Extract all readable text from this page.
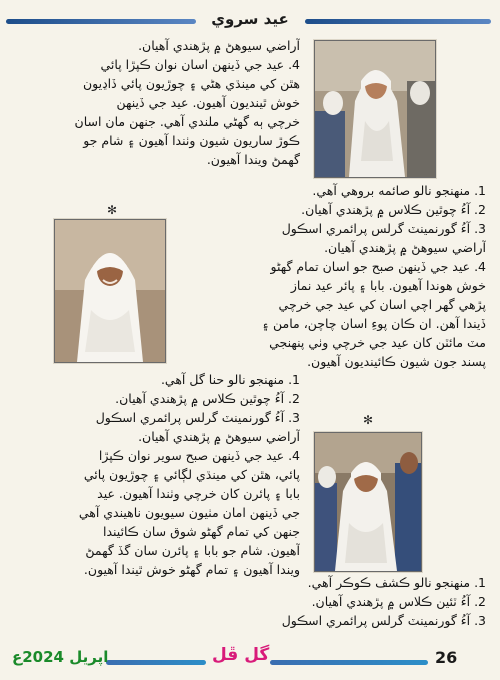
عيد سروي
آراضي سيوهڻ ۾ پڙهندي آهيان.
4. عيد جي ڏينهن اسان نوان ڪپڙا پائي
هٿن کي مينڌي هڻي ۽ چوڙيون پائي ڏاڍيون
خوش ٿينديون آهيون. عيد جي ڏينهن
خرچي ٻه گهڻي ملندي آهي. جنهن مان اسان
ڪوڙ ساريون شيون وٺندا آهيون ۽ شام جو
گهمڻ ويندا آهيون.
1. منهنجو نالو صائمه بروهي آهي.
2. آءُ چوٿين ڪلاس ۾ پڙهندي آهيان.
3. آءُ گورنمينٽ گرلس پرائمري اسڪول
آراضي سيوهڻ ۾ پڙهندي آهيان.
4. عيد جي ڏينهن صبح جو اسان تمام گهڻو
خوش هوندا آهيون. بابا ۽ پائر عيد نماز
پڙهي گهر اچي اسان کي عيد جي خرچي
ڏيندا آهن. ان ڪان پوءِ اسان چاچن، مامن ۽
مٽ مائٽن کان عيد جي خرچي وٺي پنهنجي
پسند جون شيون ڪائينديون آهيون.
✻
✻
1. منهنجو نالو حنا گل آهي.
2. آءُ چوٿين ڪلاس ۾ پڙهندي آهيان.
3. آءُ گورنمينٽ گرلس پرائمري اسڪول
آراضي سيوهڻ ۾ پڙهندي آهيان.
4. عيد جي ڏينهن صبح سوير نوان ڪپڙا
پائي، هٿن کي مينڌي لڳائي ۽ چوڙيون پائي
بابا ۽ پائرن کان خرچي وٺندا آهيون. عيد
جي ڏينهن امان مٺيون سيويون ناهيندي آهي
جنهن کي تمام گهڻو شوق سان ڪائيندا
آهيون. شام جو بابا ۽ پائرن سان گڏ گهمڻ
ويندا آهيون ۽ تمام گهڻو خوش ٿيندا آهيون.
1. منهنجو نالو ڪشف ڪوڪر آهي.
2. آءُ ٽئين ڪلاس ۾ پڙهندي آهيان.
3. آءُ گورنمينٽ گرلس پرائمري اسڪول
اپريل 2024ع	گل ڦل	26
